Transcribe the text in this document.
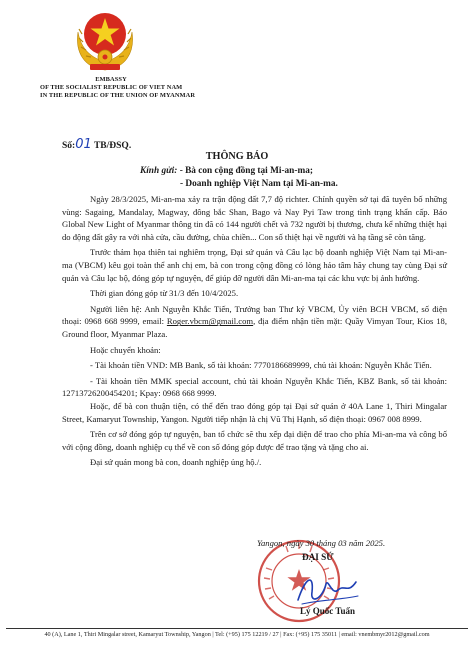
EMBASSY
OF THE SOCIALIST REPUBLIC OF VIET NAM
IN THE REPUBLIC OF THE UNION OF MYANMAR
Số:01 TB/ĐSQ.
THÔNG BÁO
Kính gửi: - Bà con cộng đồng tại Mi-an-ma;
- Doanh nghiệp Việt Nam tại Mi-an-ma.

Ngày 28/3/2025, Mi-an-ma xảy ra trận động đất 7,7 độ richter. Chính quyền sở tại đã tuyên bố những vùng: Sagaing, Mandalay, Magway, đông bắc Shan, Bago và Nay Pyi Taw trong tình trạng khẩn cấp. Báo Global New Light of Myanmar thông tin đã có 144 người chết và 732 người bị thương, chưa kể những thiệt hại do động đất gây ra với nhà cửa, cầu đường, chùa chiền... Con số thiệt hại về người và hạ tầng sẽ còn tăng.

Trước thảm họa thiên tai nghiêm trọng, Đại sứ quán và Câu lạc bộ doanh nghiệp Việt Nam tại Mi-an-ma (VBCM) kêu gọi toàn thể anh chị em, bà con trong cộng đồng có lòng hảo tâm hãy chung tay cùng Đại sứ quán và Câu lạc bộ, đóng góp tự nguyện, để giúp đỡ người dân Mi-an-ma tại các khu vực bị ảnh hưởng.

Thời gian đóng góp từ 31/3 đến 10/4/2025.

Người liên hệ: Anh Nguyễn Khắc Tiến, Trưởng ban Thư ký VBCM, Ủy viên BCH VBCM, số điện thoại: 0968 668 9999, email: Roger.vbcm@gmail.com, địa điểm nhận tiền mặt: Quầy Vimyan Tour, Kios 18, Ground floor, Myanmar Plaza.

Hoặc chuyển khoản:

- Tài khoản tiền VND: MB Bank, số tài khoản: 7770186689999, chủ tài khoản: Nguyễn Khắc Tiến.

- Tài khoản tiền MMK special account, chủ tài khoản Nguyễn Khắc Tiến, KBZ Bank, số tài khoản: 12713726200454201; Kpay: 0968 668 9999.

Hoặc, để bà con thuận tiện, có thể đến trao đóng góp tại Đại sứ quán ở 40A Lane 1, Thiri Mingalar Street, Kamaryut Township, Yangon. Người tiếp nhận là chị Vũ Thị Hạnh, số điện thoại: 0967 008 8999.

Trên cơ sở đóng góp tự nguyện, ban tổ chức sẽ thu xếp đại diện để trao cho phía Mi-an-ma và công bố với cộng đồng, doanh nghiệp cụ thể về con số đóng góp được để trao tặng và tặng cho ai.

Đại sứ quán mong bà con, doanh nghiệp ủng hộ./.

Yangon, ngày 30 tháng 03 năm 2025.
ĐẠI SỨ
Lý Quốc Tuấn
40 (A), Lane 1, Thiri Mingalar street, Kamaryut Township, Yangon | Tel: (+95) 175 12219 / 27 | Fax: (+95) 175 35011 | email: vnembmyr2012@gmail.com
